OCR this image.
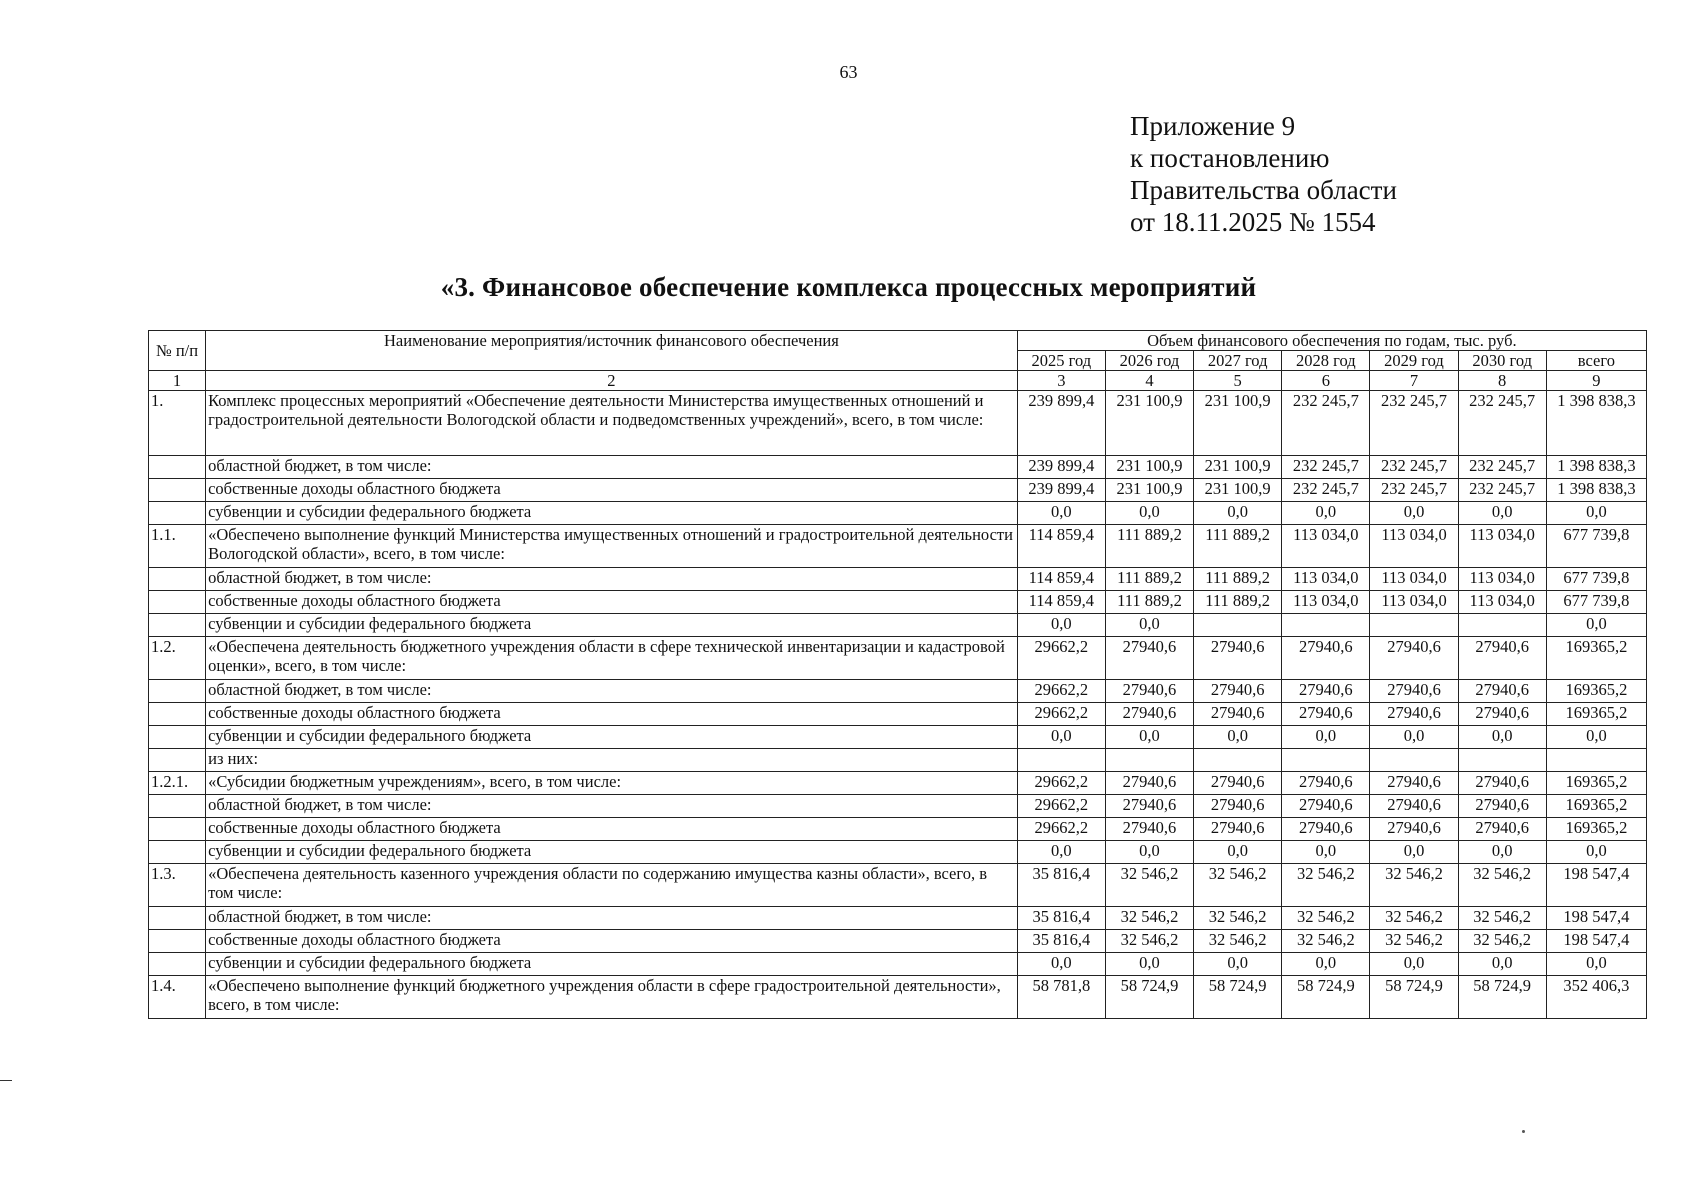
63
Приложение 9
к постановлению
Правительства области
от 18.11.2025 № 1554
«3. Финансовое обеспечение комплекса процессных мероприятий
№ п/п	Наименование мероприятия/источник финансового обеспечения	Объем финансового обеспечения по годам, тыс. руб.						
		2025 год	2026 год	2027 год	2028 год	2029 год	2030 год	всего
1	2	3	4	5	6	7	8	9
1.	Комплекс процессных мероприятий «Обеспечение деятельности Министерства имущественных отношений и градостроительной деятельности Вологодской области и подведомственных учреждений», всего, в том числе:	239 899,4	231 100,9	231 100,9	232 245,7	232 245,7	232 245,7	1 398 838,3
	областной бюджет, в том числе:	239 899,4	231 100,9	231 100,9	232 245,7	232 245,7	232 245,7	1 398 838,3
	собственные доходы областного бюджета	239 899,4	231 100,9	231 100,9	232 245,7	232 245,7	232 245,7	1 398 838,3
	субвенции и субсидии федерального бюджета	0,0	0,0	0,0	0,0	0,0	0,0	0,0
1.1.	«Обеспечено выполнение функций Министерства имущественных отношений и градостроительной деятельности Вологодской области», всего, в том числе:	114 859,4	111 889,2	111 889,2	113 034,0	113 034,0	113 034,0	677 739,8
	областной бюджет, в том числе:	114 859,4	111 889,2	111 889,2	113 034,0	113 034,0	113 034,0	677 739,8
	собственные доходы областного бюджета	114 859,4	111 889,2	111 889,2	113 034,0	113 034,0	113 034,0	677 739,8
	субвенции и субсидии федерального бюджета	0,0	0,0					0,0
1.2.	«Обеспечена деятельность бюджетного учреждения области в сфере технической инвентаризации и кадастровой оценки», всего, в том числе:	29662,2	27940,6	27940,6	27940,6	27940,6	27940,6	169365,2
	областной бюджет, в том числе:	29662,2	27940,6	27940,6	27940,6	27940,6	27940,6	169365,2
	собственные доходы областного бюджета	29662,2	27940,6	27940,6	27940,6	27940,6	27940,6	169365,2
	субвенции и субсидии федерального бюджета	0,0	0,0	0,0	0,0	0,0	0,0	0,0
	из них:							
1.2.1.	«Субсидии бюджетным учреждениям», всего, в том числе:	29662,2	27940,6	27940,6	27940,6	27940,6	27940,6	169365,2
	областной бюджет, в том числе:	29662,2	27940,6	27940,6	27940,6	27940,6	27940,6	169365,2
	собственные доходы областного бюджета	29662,2	27940,6	27940,6	27940,6	27940,6	27940,6	169365,2
	субвенции и субсидии федерального бюджета	0,0	0,0	0,0	0,0	0,0	0,0	0,0
1.3.	«Обеспечена деятельность казенного учреждения области по содержанию имущества казны области», всего, в том числе:	35 816,4	32 546,2	32 546,2	32 546,2	32 546,2	32 546,2	198 547,4
	областной бюджет, в том числе:	35 816,4	32 546,2	32 546,2	32 546,2	32 546,2	32 546,2	198 547,4
	собственные доходы областного бюджета	35 816,4	32 546,2	32 546,2	32 546,2	32 546,2	32 546,2	198 547,4
	субвенции и субсидии федерального бюджета	0,0	0,0	0,0	0,0	0,0	0,0	0,0
1.4.	«Обеспечено выполнение функций бюджетного учреждения области в сфере градостроительной деятельности», всего, в том числе:	58 781,8	58 724,9	58 724,9	58 724,9	58 724,9	58 724,9	352 406,3
